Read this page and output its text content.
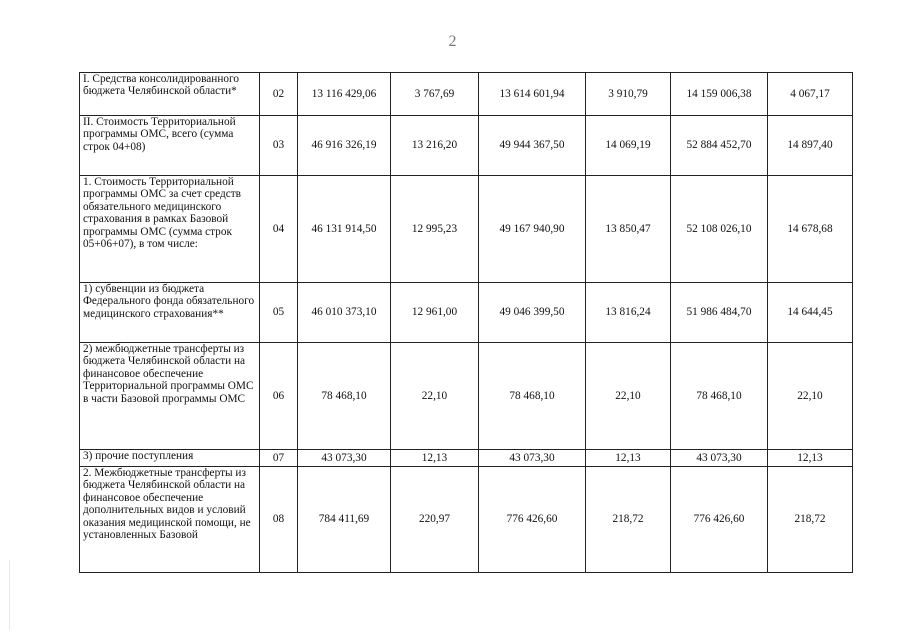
2
I. Средства консолидированного бюджета Челябинской области*	02	13 116 429,06	3 767,69	13 614 601,94	3 910,79	14 159 006,38	4 067,17
II. Стоимость Территориальной программы ОМС, всего (сумма строк 04+08)	03	46 916 326,19	13 216,20	49 944 367,50	14 069,19	52 884 452,70	14 897,40
1. Стоимость Территориальной программы ОМС за счет средств обязательного медицинского страхования в рамках Базовой программы ОМС (сумма строк 05+06+07), в том числе:	04	46 131 914,50	12 995,23	49 167 940,90	13 850,47	52 108 026,10	14 678,68
1) субвенции из бюджета Федерального фонда обязательного медицинского страхования**	05	46 010 373,10	12 961,00	49 046 399,50	13 816,24	51 986 484,70	14 644,45
2) межбюджетные трансферты из бюджета Челябинской области на финансовое обеспечение Территориальной программы ОМС в части Базовой программы ОМС	06	78 468,10	22,10	78 468,10	22,10	78 468,10	22,10
3) прочие поступления	07	43 073,30	12,13	43 073,30	12,13	43 073,30	12,13
2. Межбюджетные трансферты из бюджета Челябинской области на финансовое обеспечение дополнительных видов и условий оказания медицинской помощи, не установленных Базовой	08	784 411,69	220,97	776 426,60	218,72	776 426,60	218,72
